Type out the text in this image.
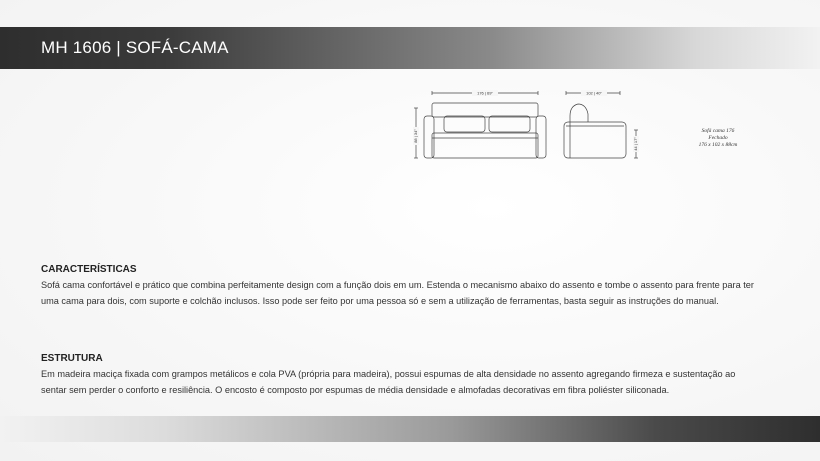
MH 1606 | SOFÁ-CAMA
176 | 69"
88 | 34"
102 | 40"
44 | 17"
Sofá cama 176
Fechado
176 x 102 x 88cm
CARACTERÍSTICAS
Sofá cama confortável e prático que combina perfeitamente design com a função dois em um. Estenda o mecanismo abaixo do assento e tombe o assento para frente para ter uma cama para dois, com suporte e colchão inclusos. Isso pode ser feito por uma pessoa só e sem a utilização de ferramentas, basta seguir as instruções do manual.
ESTRUTURA
Em madeira maciça fixada com grampos metálicos e cola PVA (própria para madeira), possui espumas de alta densidade no assento agregando firmeza e sustentação ao sentar sem perder o conforto e resiliência. O encosto é composto por espumas de média densidade e almofadas decorativas em fibra poliéster siliconada.
